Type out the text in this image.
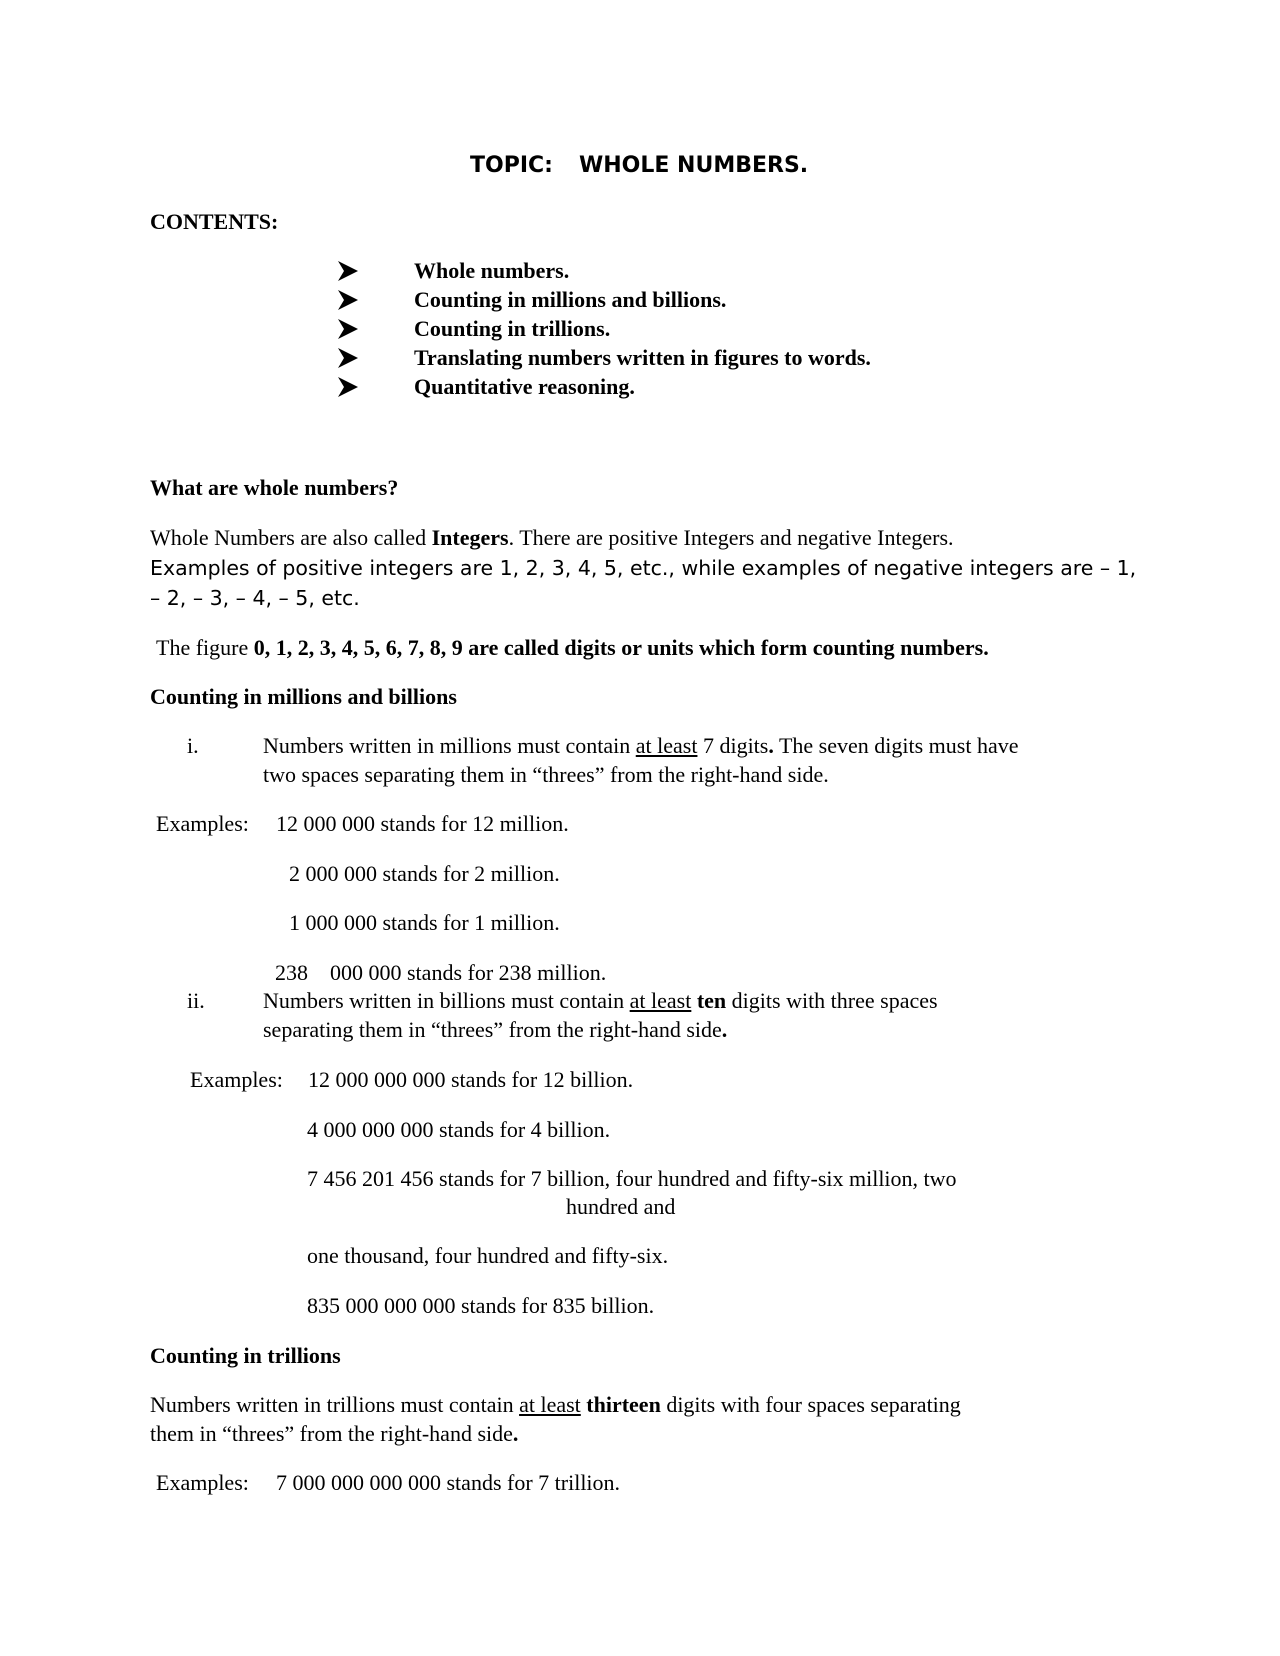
TOPIC: WHOLE NUMBERS.
CONTENTS:
Whole numbers.
Counting in millions and billions.
Counting in trillions.
Translating numbers written in figures to words.
Quantitative reasoning.
What are whole numbers?
Whole Numbers are also called Integers. There are positive Integers and negative Integers.
Examples of positive integers are 1, 2, 3, 4, 5, etc., while examples of negative integers are – 1,
– 2, – 3, – 4, – 5, etc.
The figure 0, 1, 2, 3, 4, 5, 6, 7, 8, 9 are called digits or units which form counting numbers.
Counting in millions and billions
i.	Numbers written in millions must contain at least 7 digits. The seven digits must have
two spaces separating them in “threes” from the right-hand side.
Examples: 12 000 000 stands for 12 million.
2 000 000 stands for 2 million.
1 000 000 stands for 1 million.
238 000 000 stands for 238 million.
ii.	Numbers written in billions must contain at least ten digits with three spaces
separating them in “threes” from the right-hand side.
Examples: 12 000 000 000 stands for 12 billion.
4 000 000 000 stands for 4 billion.
7 456 201 456 stands for 7 billion, four hundred and fifty-six million, two
hundred and
one thousand, four hundred and fifty-six.
835 000 000 000 stands for 835 billion.
Counting in trillions
Numbers written in trillions must contain at least thirteen digits with four spaces separating
them in “threes” from the right-hand side.
Examples: 7 000 000 000 000 stands for 7 trillion.
